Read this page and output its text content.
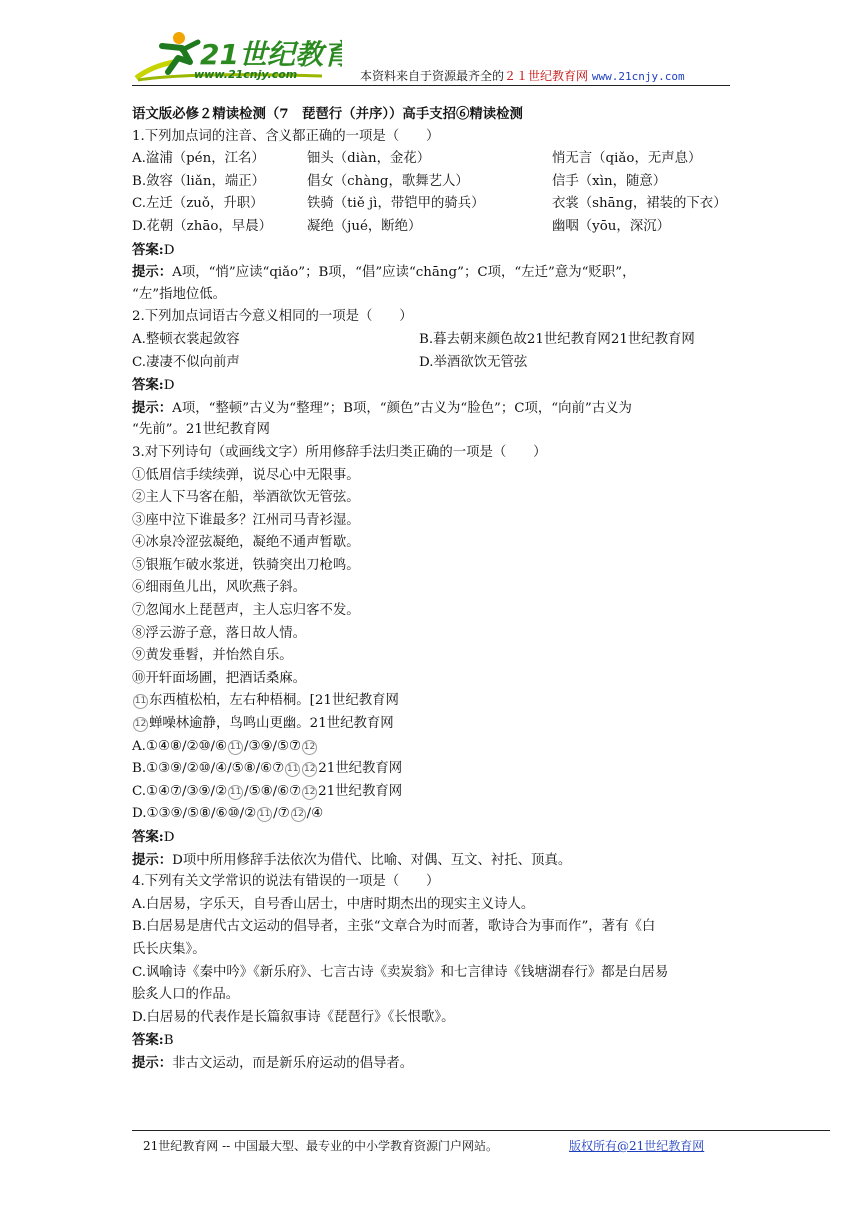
21世纪教育
www.21cnjy.com	本资料来自于资源最齐全的２１世纪教育网 www.21cnjy.com
语文版必修２精读检测（7　琵琶行（并序））高手支招⑥精读检测
1.下列加点词的注音、含义都正确的一项是（　　）
A.湓浦（pén，江名）	钿头（diàn，金花）	悄无言（qiǎo，无声息）
B.敛容（liǎn，端正）	倡女（chàng，歌舞艺人）	信手（xìn，随意）
C.左迁（zuǒ，升职）	铁骑（tiě jì，带铠甲的骑兵）	衣裳（shāng，裙装的下衣）
D.花朝（zhāo，早晨）	凝绝（jué，断绝）	幽咽（yōu，深沉）
答案:D
提示：A项，“悄”应读“qiǎo”；B项，“倡”应读“chāng”；C项，“左迁”意为“贬职”，
“左”指地位低。
2.下列加点词语古今意义相同的一项是（　　）
A.整顿衣裳起敛容	B.暮去朝来颜色故21世纪教育网21世纪教育网
C.凄凄不似向前声	D.举酒欲饮无管弦
答案:D
提示：A项，“整顿”古义为“整理”；B项，“颜色”古义为“脸色”；C项，“向前”古义为
“先前”。21世纪教育网
3.对下列诗句（或画线文字）所用修辞手法归类正确的一项是（　　）
①低眉信手续续弹，说尽心中无限事。
②主人下马客在船，举酒欲饮无管弦。
③座中泣下谁最多？江州司马青衫湿。
④冰泉冷涩弦凝绝，凝绝不通声暂歇。
⑤银瓶乍破水浆迸，铁骑突出刀枪鸣。
⑥细雨鱼儿出，风吹燕子斜。
⑦忽闻水上琵琶声，主人忘归客不发。
⑧浮云游子意，落日故人情。
⑨黄发垂髫，并怡然自乐。
⑩开轩面场圃，把酒话桑麻。
11 东西植松柏，左右种梧桐。[21世纪教育网
12 蝉噪林逾静，鸟鸣山更幽。21世纪教育网
A.①④⑧/②⑩/⑥ 11 /③⑨/⑤⑦ 12
B.①③⑨/②⑩/④/⑤⑧/⑥⑦ 11 12 21世纪教育网
C.①④⑦/③⑨/② 11 /⑤⑧/⑥⑦ 12 21世纪教育网
D.①③⑨/⑤⑧/⑥⑩/② 11 /⑦ 12 /④
答案:D
提示：D项中所用修辞手法依次为借代、比喻、对偶、互文、衬托、顶真。
4.下列有关文学常识的说法有错误的一项是（　　）
A.白居易，字乐天，自号香山居士，中唐时期杰出的现实主义诗人。
B.白居易是唐代古文运动的倡导者，主张“文章合为时而著，歌诗合为事而作”，著有《白
氏长庆集》。
C.讽喻诗《秦中吟》《新乐府》、七言古诗《卖炭翁》和七言律诗《钱塘湖春行》都是白居易
脍炙人口的作品。
D.白居易的代表作是长篇叙事诗《琵琶行》《长恨歌》。
答案:B
提示：非古文运动，而是新乐府运动的倡导者。
21世纪教育网 -- 中国最大型、最专业的中小学教育资源门户网站。	版权所有@21世纪教育网
